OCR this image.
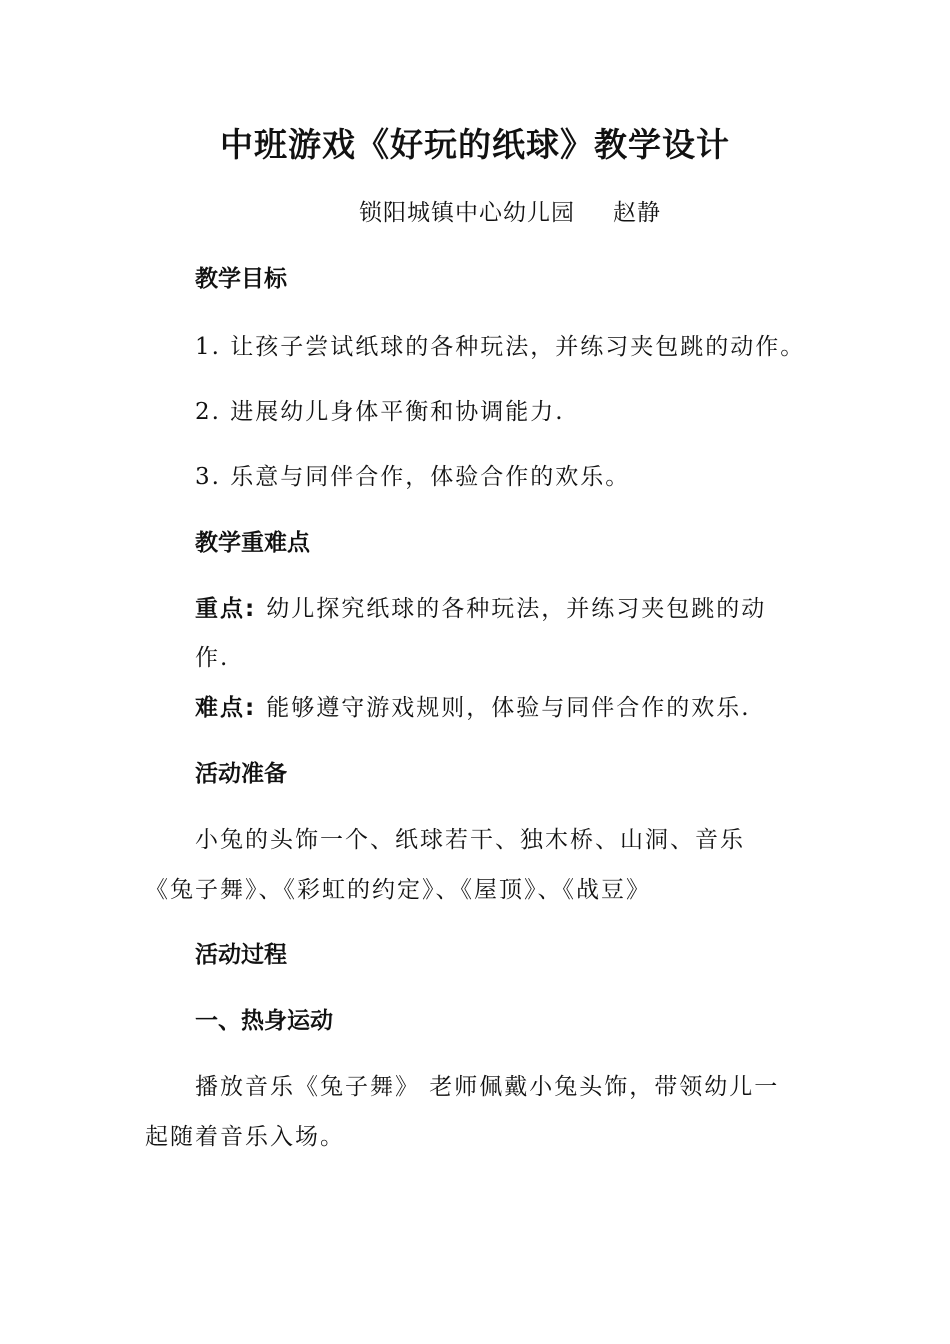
中班游戏《好玩的纸球》教学设计
锁阳城镇中心幼儿园 赵静
教学目标
1. 让孩子尝试纸球的各种玩法，并练习夹包跳的动作。
2. 进展幼儿身体平衡和协调能力.
3. 乐意与同伴合作，体验合作的欢乐。
教学重难点
重点: 幼儿探究纸球的各种玩法，并练习夹包跳的动
作.
难点: 能够遵守游戏规则，体验与同伴合作的欢乐.
活动准备
小兔的头饰一个、纸球若干、独木桥、山洞、音乐
《兔子舞》、《彩虹的约定》、《屋顶》、《战豆》
活动过程
一、热身运动
播放音乐《兔子舞》 老师佩戴小兔头饰，带领幼儿一
起随着音乐入场。
